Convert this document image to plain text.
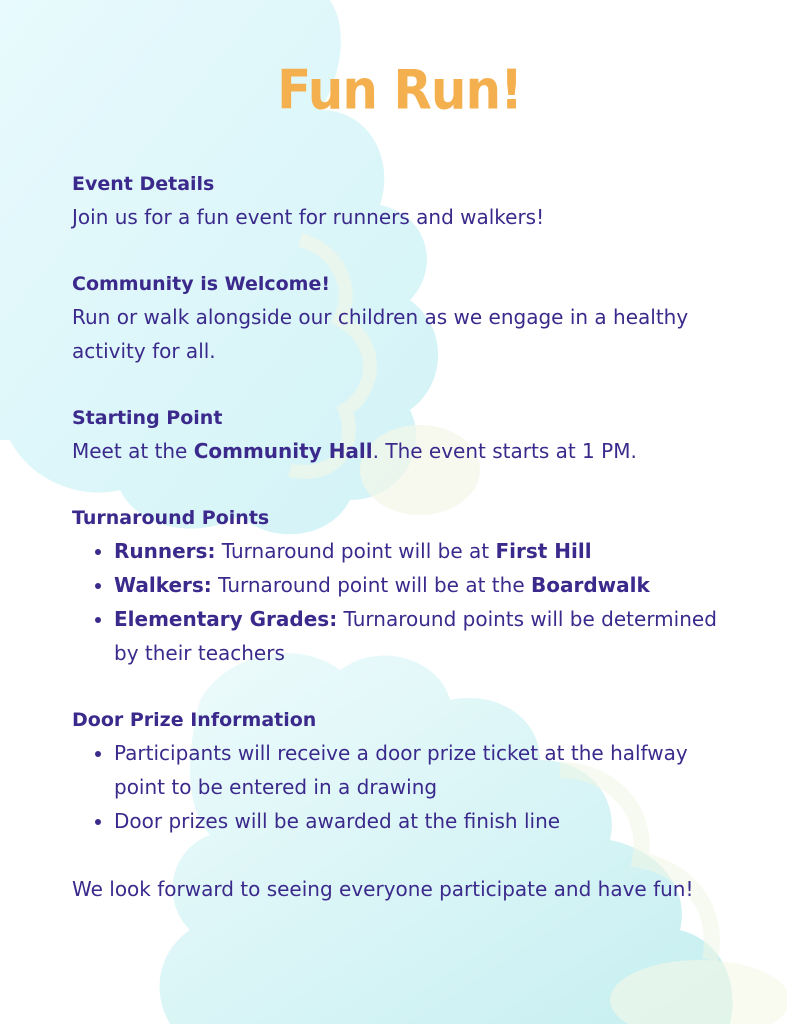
Fun Run!

Event Details

Join us for a fun event for runners and walkers!

Community is Welcome!

Run or walk alongside our children as we engage in a healthy activity for all.

Starting Point

Meet at the Community Hall. The event starts at 1 PM.

Turnaround Points

• Runners: Turnaround point will be at First Hill
• Walkers: Turnaround point will be at the Boardwalk
• Elementary Grades: Turnaround points will be determined by their teachers

Door Prize Information

• Participants will receive a door prize ticket at the halfway point to be entered in a drawing
• Door prizes will be awarded at the finish line

We look forward to seeing everyone participate and have fun!
